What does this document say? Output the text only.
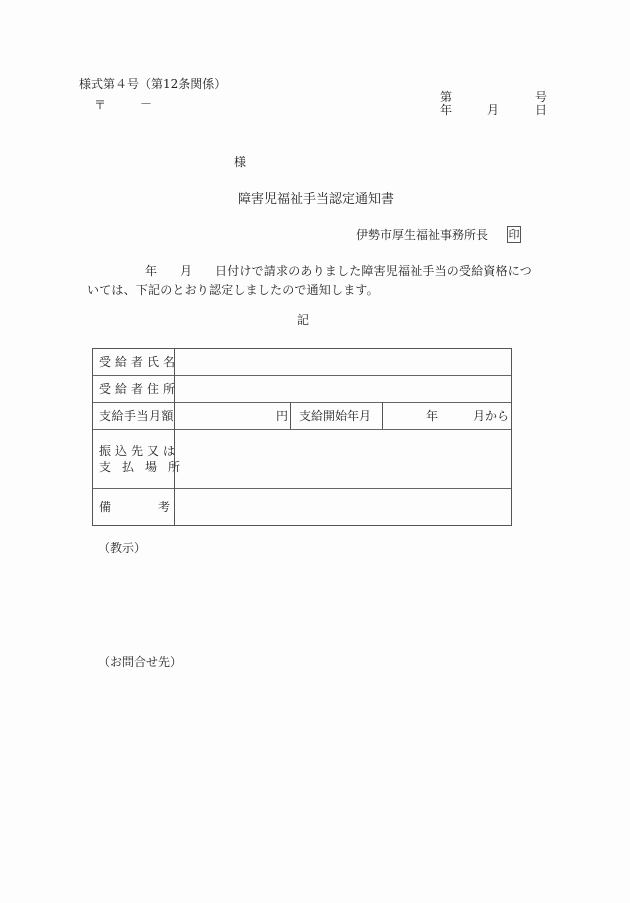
様式第４号（第12条関係）
〒	－	第	号
年	月	日
様
障害児福祉手当認定通知書
伊勢市厚生福祉事務所長 印
年 月 日付けで請求のありました障害児福祉手当の受給資格につ
いては、下記のとおり認定しましたので通知します。
記
受給者氏名
受給者住所
支給手当月額	円 支給開始年月	年	月から
振込先又は
支払場所
備	考
（教示）
（お問合せ先）
